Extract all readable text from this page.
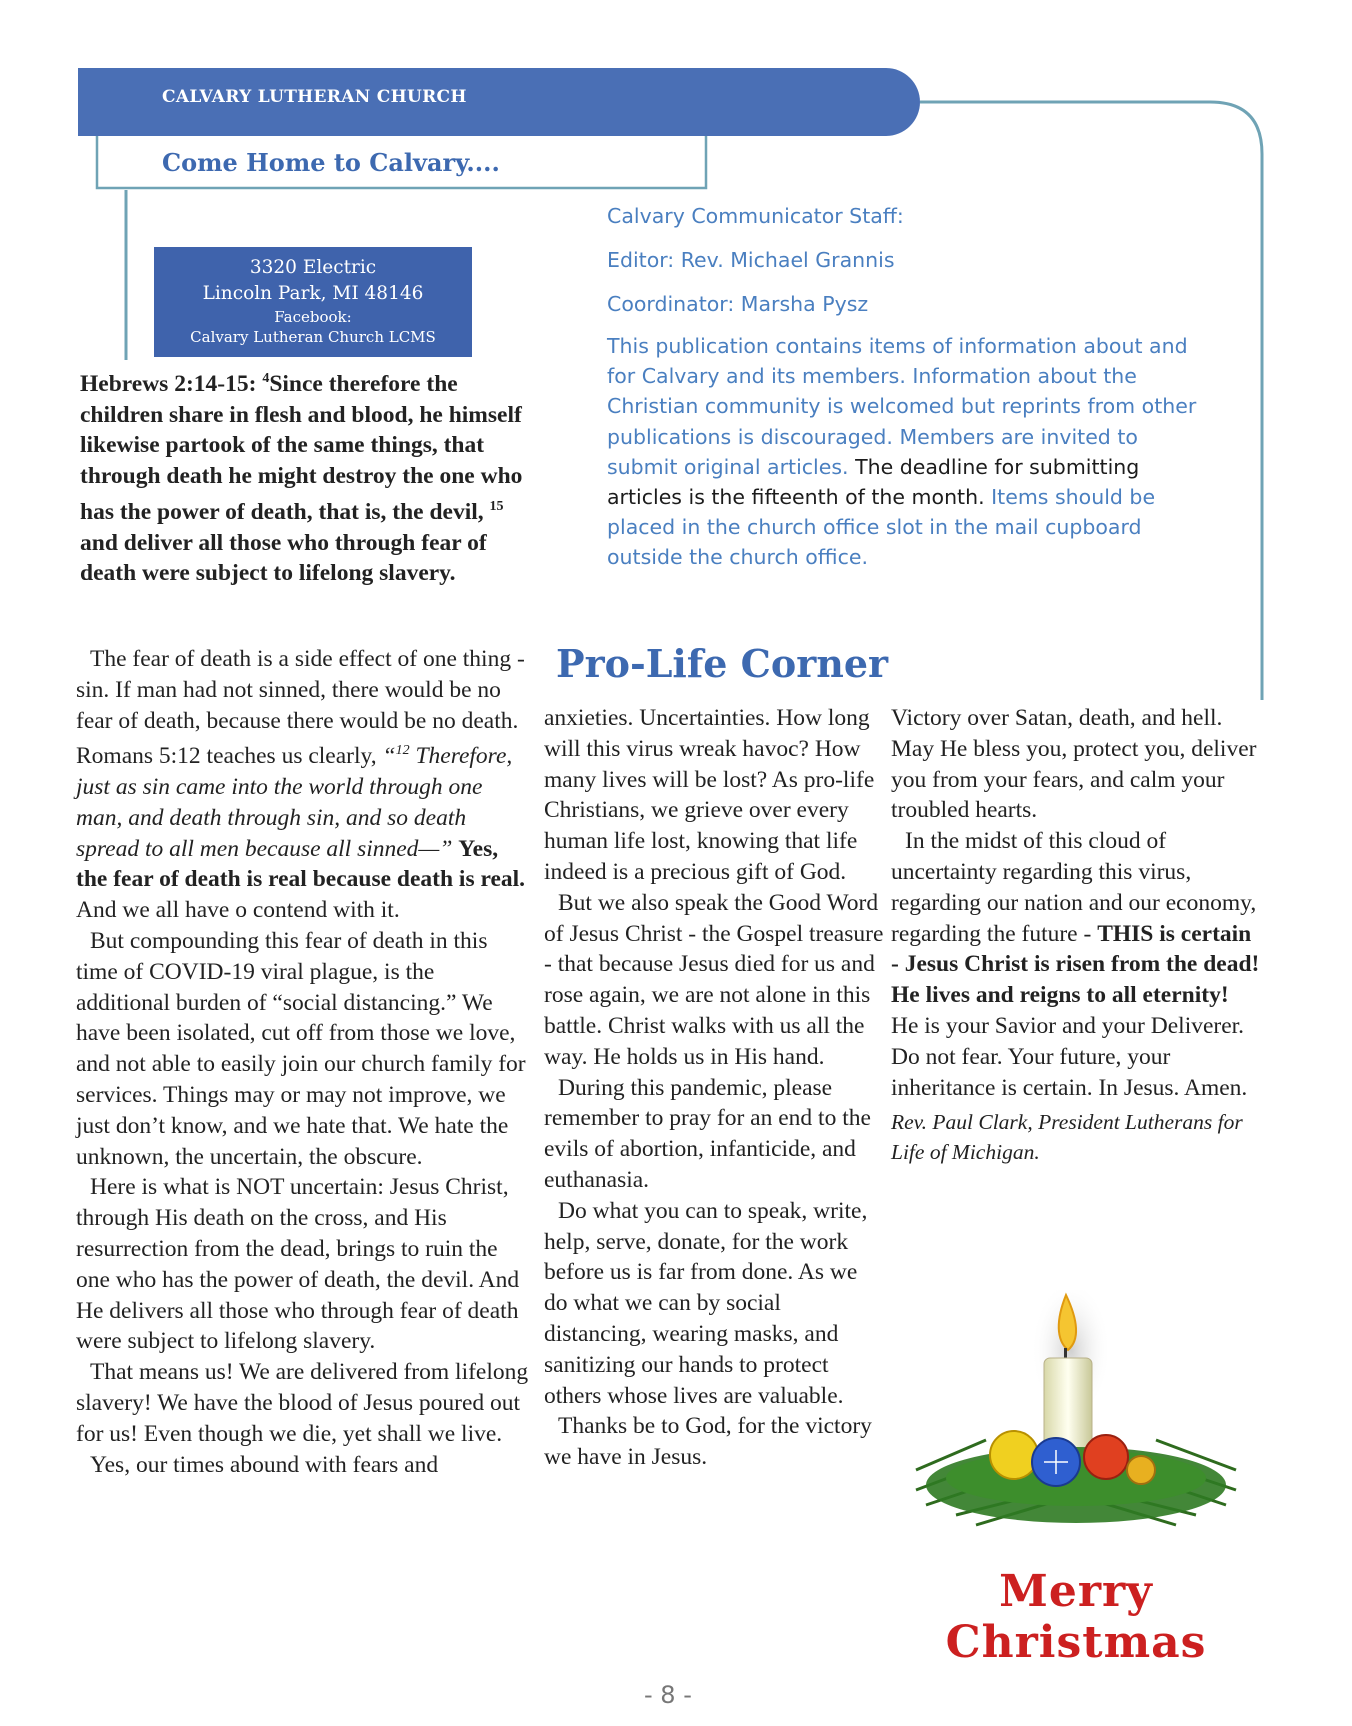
CALVARY LUTHERAN CHURCH
Come Home to Calvary....
3320 Electric
Lincoln Park, MI 48146
Facebook:
Calvary Lutheran Church LCMS
Hebrews 2:14-15: $^4$Since therefore the children share in flesh and blood, he himself likewise partook of the same things, that through death he might destroy the one who has the power of death, that is, the devil, $^{15}$ and deliver all those who through fear of death were subject to lifelong slavery.
Calvary Communicator Staff:
Editor: Rev. Michael Grannis
Coordinator: Marsha Pysz
This publication contains items of information about and for Calvary and its members. Information about the Christian community is welcomed but reprints from other publications is discouraged. Members are invited to submit original articles. The deadline for submitting articles is the fifteenth of the month. Items should be placed in the church office slot in the mail cupboard outside the church office.
Pro-Life Corner

The fear of death is a side effect of one thing - sin. If man had not sinned, there would be no fear of death, because there would be no death. Romans 5:12 teaches us clearly, “$^{12}$ Therefore, just as sin came into the world through one man, and death through sin, and so death spread to all men because all sinned—” Yes, the fear of death is real because death is real. And we all have o contend with it.

But compounding this fear of death in this time of COVID-19 viral plague, is the additional burden of “social distancing.” We have been isolated, cut off from those we love, and not able to easily join our church family for services. Things may or may not improve, we just don’t know, and we hate that. We hate the unknown, the uncertain, the obscure.

Here is what is NOT uncertain: Jesus Christ, through His death on the cross, and His resurrection from the dead, brings to ruin the one who has the power of death, the devil. And He delivers all those who through fear of death were subject to lifelong slavery.

That means us! We are delivered from lifelong slavery! We have the blood of Jesus poured out for us! Even though we die, yet shall we live.

Yes, our times abound with fears and

anxieties. Uncertainties. How long will this virus wreak havoc? How many lives will be lost? As pro-life Christians, we grieve over every human life lost, knowing that life indeed is a precious gift of God.

But we also speak the Good Word of Jesus Christ - the Gospel treasure - that because Jesus died for us and rose again, we are not alone in this battle. Christ walks with us all the way. He holds us in His hand.

During this pandemic, please remember to pray for an end to the evils of abortion, infanticide, and euthanasia.

Do what you can to speak, write, help, serve, donate, for the work before us is far from done. As we do what we can by social distancing, wearing masks, and sanitizing our hands to protect others whose lives are valuable.

Thanks be to God, for the victory we have in Jesus.

Victory over Satan, death, and hell. May He bless you, protect you, deliver you from your fears, and calm your troubled hearts.

In the midst of this cloud of uncertainty regarding this virus, regarding our nation and our economy, regarding the future - THIS is certain - Jesus Christ is risen from the dead! He lives and reigns to all eternity! He is your Savior and your Deliverer. Do not fear. Your future, your inheritance is certain. In Jesus. Amen.

Rev. Paul Clark, President Lutherans for Life of Michigan.

Merry Christmas
- 8 -
